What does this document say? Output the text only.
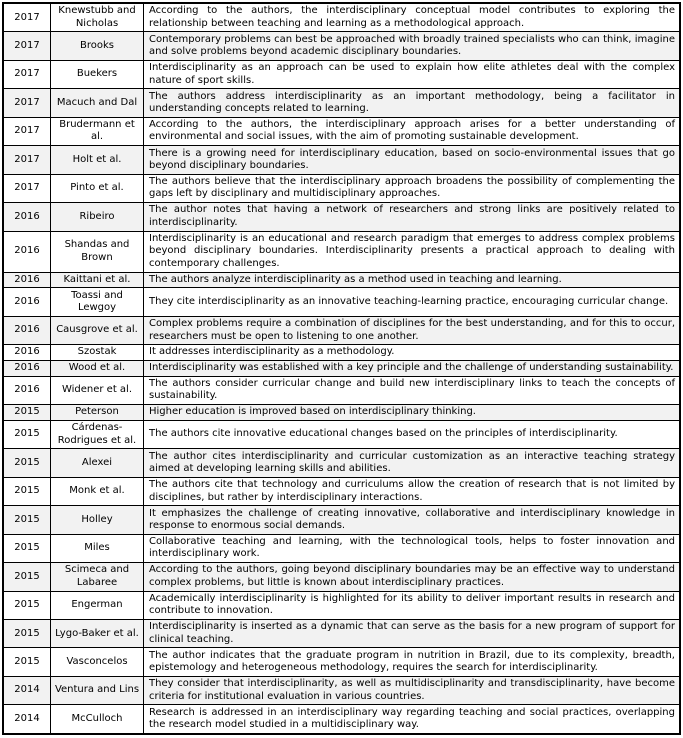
2017	Knewstubb and Nicholas	According to the authors, the interdisciplinary conceptual model contributes to exploring the relationship between teaching and learning as a methodological approach.
2017	Brooks	Contemporary problems can best be approached with broadly trained specialists who can think, imagine and solve problems beyond academic disciplinary boundaries.
2017	Buekers	Interdisciplinarity as an approach can be used to explain how elite athletes deal with the complex nature of sport skills.
2017	Macuch and Dal	The authors address interdisciplinarity as an important methodology, being a facilitator in understanding concepts related to learning.
2017	Brudermann et al.	According to the authors, the interdisciplinary approach arises for a better understanding of environmental and social issues, with the aim of promoting sustainable development.
2017	Holt et al.	There is a growing need for interdisciplinary education, based on socio-environmental issues that go beyond disciplinary boundaries.
2017	Pinto et al.	The authors believe that the interdisciplinary approach broadens the possibility of complementing the gaps left by disciplinary and multidisciplinary approaches.
2016	Ribeiro	The author notes that having a network of researchers and strong links are positively related to interdisciplinarity.
2016	Shandas and Brown	Interdisciplinarity is an educational and research paradigm that emerges to address complex problems beyond disciplinary boundaries. Interdisciplinarity presents a practical approach to dealing with contemporary challenges.
2016	Kaittani et al.	The authors analyze interdisciplinarity as a method used in teaching and learning.
2016	Toassi and Lewgoy	They cite interdisciplinarity as an innovative teaching-learning practice, encouraging curricular change.
2016	Causgrove et al.	Complex problems require a combination of disciplines for the best understanding, and for this to occur, researchers must be open to listening to one another.
2016	Szostak	It addresses interdisciplinarity as a methodology.
2016	Wood et al.	Interdisciplinarity was established with a key principle and the challenge of understanding sustainability.
2016	Widener et al.	The authors consider curricular change and build new interdisciplinary links to teach the concepts of sustainability.
2015	Peterson	Higher education is improved based on interdisciplinary thinking.
2015	Cárdenas-Rodrigues et al.	The authors cite innovative educational changes based on the principles of interdisciplinarity.
2015	Alexei	The author cites interdisciplinarity and curricular customization as an interactive teaching strategy aimed at developing learning skills and abilities.
2015	Monk et al.	The authors cite that technology and curriculums allow the creation of research that is not limited by disciplines, but rather by interdisciplinary interactions.
2015	Holley	It emphasizes the challenge of creating innovative, collaborative and interdisciplinary knowledge in response to enormous social demands.
2015	Miles	Collaborative teaching and learning, with the technological tools, helps to foster innovation and interdisciplinary work.
2015	Scimeca and Labaree	According to the authors, going beyond disciplinary boundaries may be an effective way to understand complex problems, but little is known about interdisciplinary practices.
2015	Engerman	Academically interdisciplinarity is highlighted for its ability to deliver important results in research and contribute to innovation.
2015	Lygo-Baker et al.	Interdisciplinarity is inserted as a dynamic that can serve as the basis for a new program of support for clinical teaching.
2015	Vasconcelos	The author indicates that the graduate program in nutrition in Brazil, due to its complexity, breadth, epistemology and heterogeneous methodology, requires the search for interdisciplinarity.
2014	Ventura and Lins	They consider that interdisciplinarity, as well as multidisciplinarity and transdisciplinarity, have become criteria for institutional evaluation in various countries.
2014	McCulloch	Research is addressed in an interdisciplinary way regarding teaching and social practices, overlapping the research model studied in a multidisciplinary way.
